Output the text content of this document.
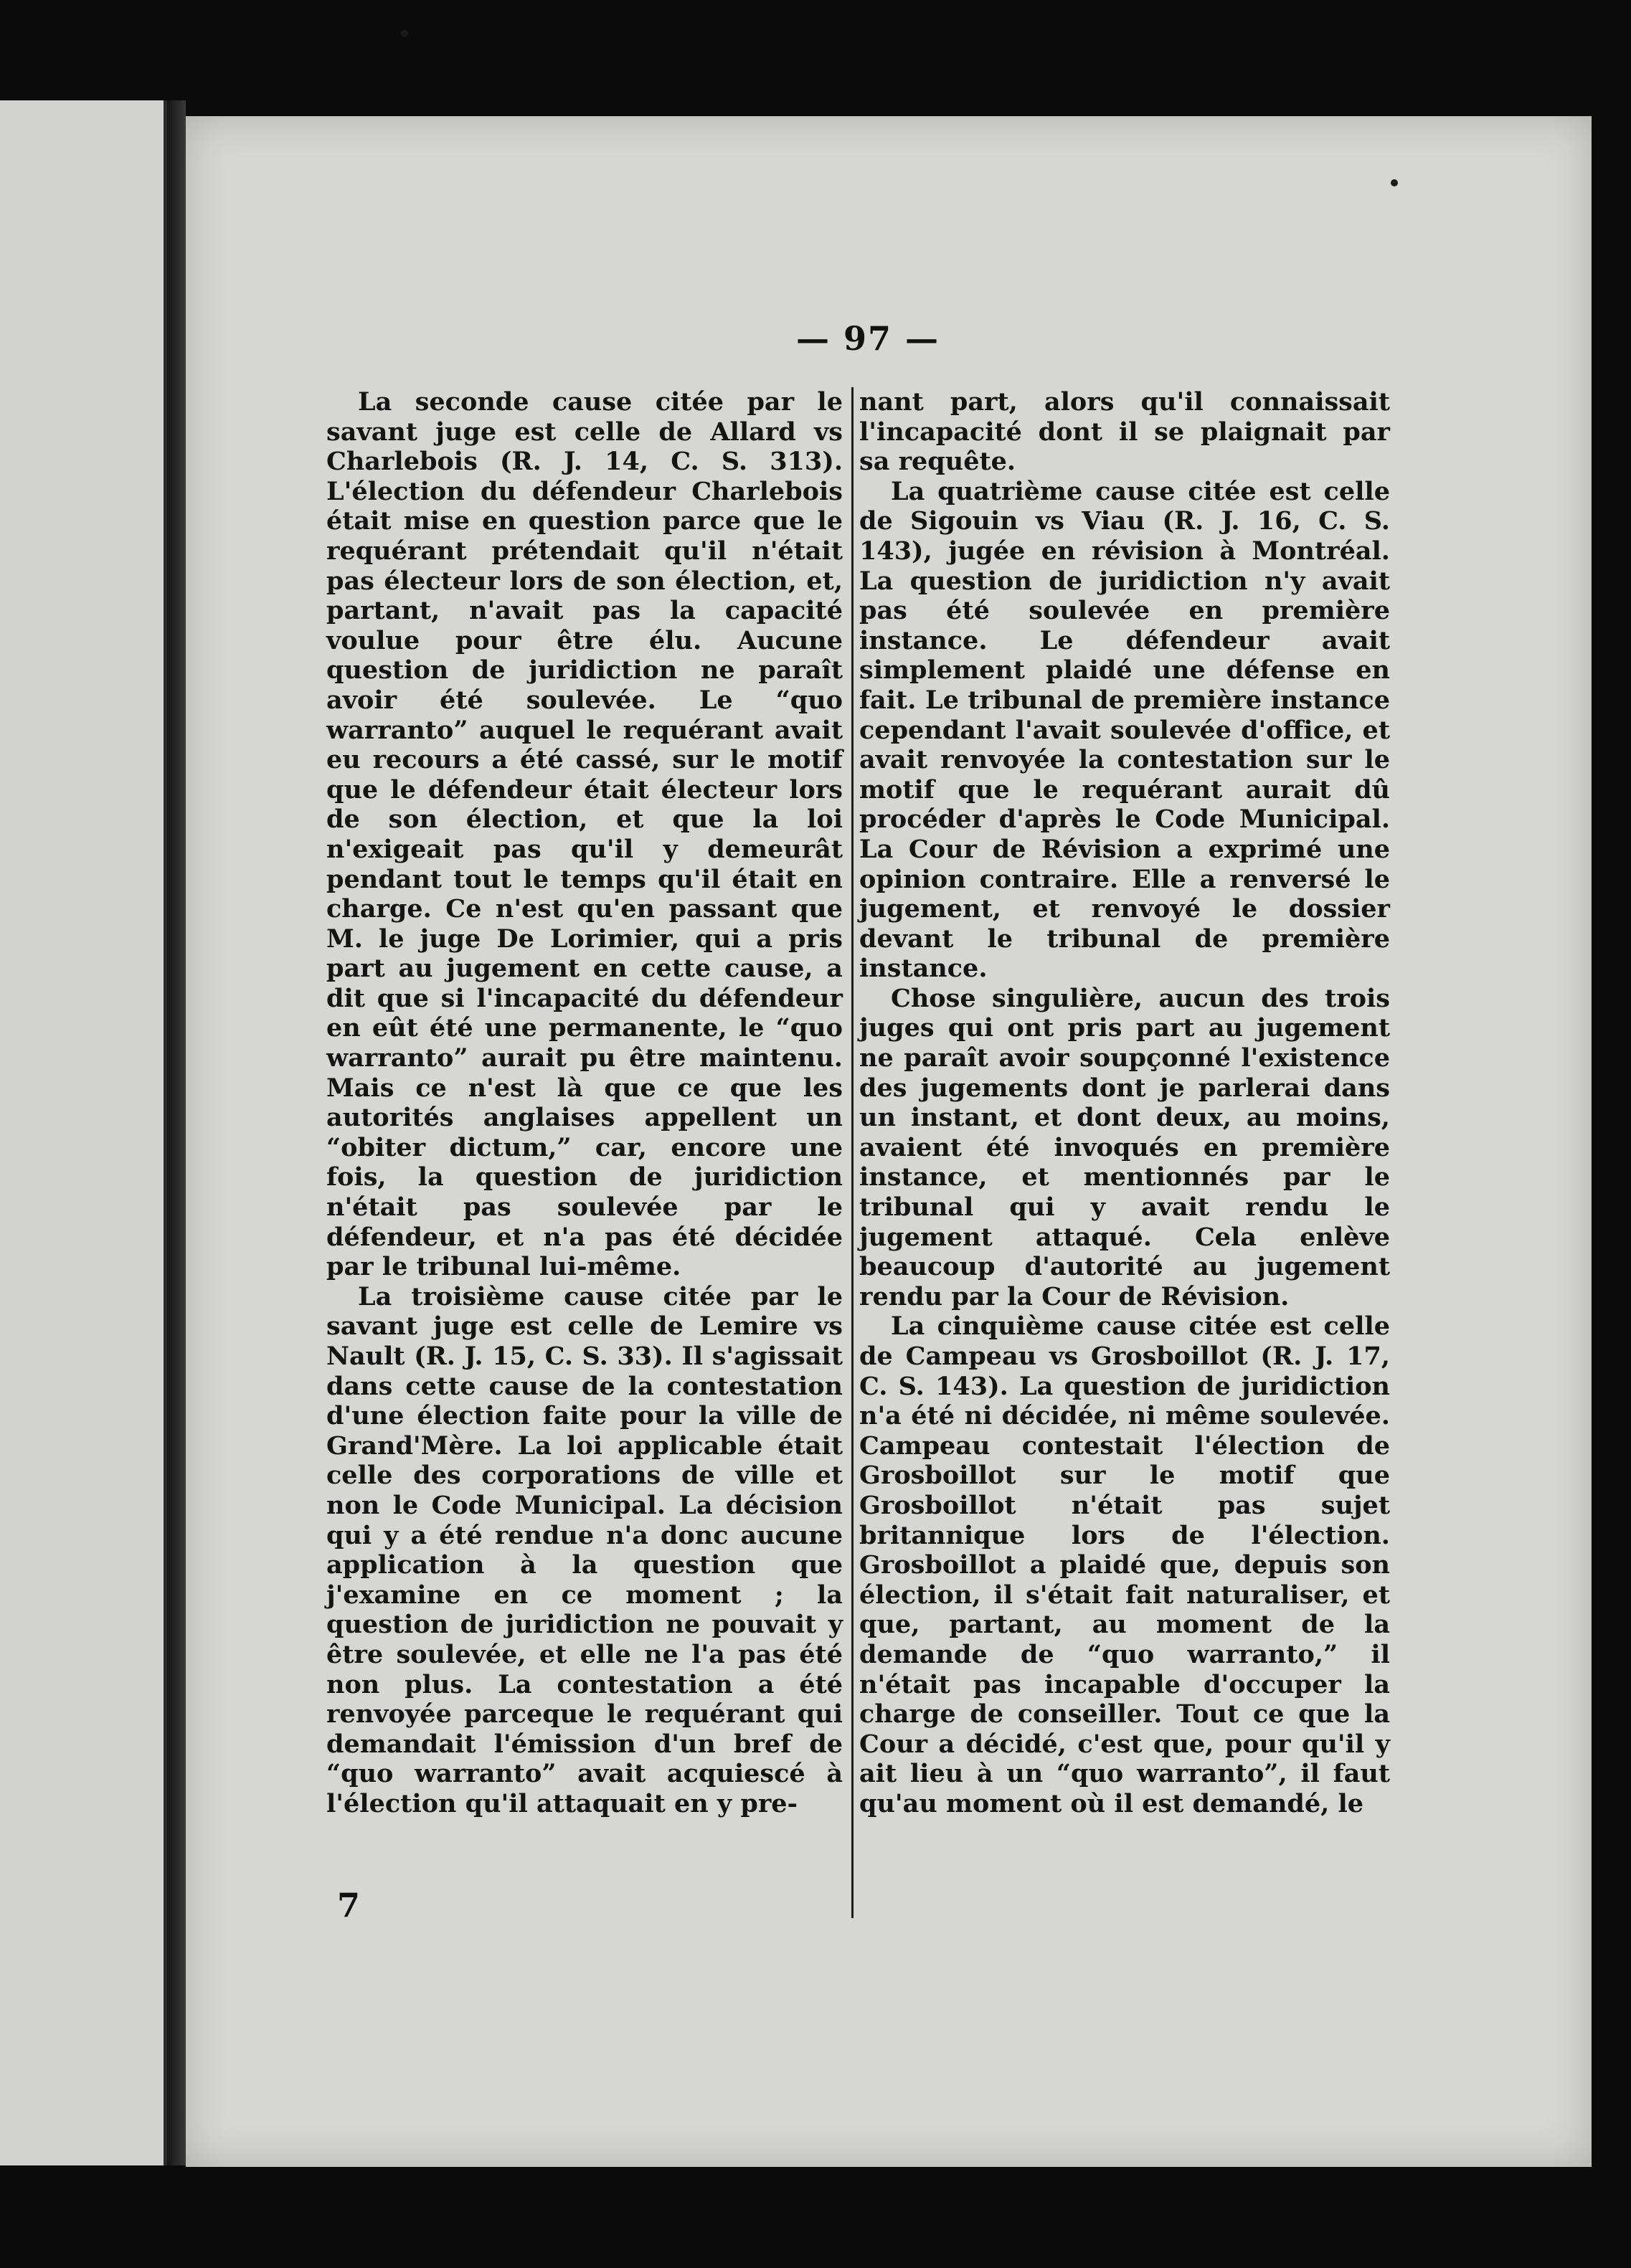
— 97 —

La seconde cause citée par le savant juge est celle de Allard vs Charlebois (R. J. 14, C. S. 313). L'élection du défendeur Charlebois était mise en question parce que le requérant prétendait qu'il n'était pas électeur lors de son élection, et, partant, n'avait pas la capacité voulue pour être élu. Aucune question de juridiction ne paraît avoir été soulevée. Le “quo warranto” auquel le requérant avait eu recours a été cassé, sur le motif que le défendeur était électeur lors de son élection, et que la loi n'exigeait pas qu'il y demeurât pendant tout le temps qu'il était en charge. Ce n'est qu'en passant que M. le juge De Lorimier, qui a pris part au jugement en cette cause, a dit que si l'incapacité du défendeur en eût été une permanente, le “quo warranto” aurait pu être maintenu. Mais ce n'est là que ce que les autorités anglaises appellent un “obiter dictum,” car, encore une fois, la question de juridiction n'était pas soulevée par le défendeur, et n'a pas été décidée par le tribunal lui-même.

La troisième cause citée par le savant juge est celle de Lemire vs Nault (R. J. 15, C. S. 33). Il s'agissait dans cette cause de la contestation d'une élection faite pour la ville de Grand'Mère. La loi applicable était celle des corporations de ville et non le Code Municipal. La décision qui y a été rendue n'a donc aucune application à la question que j'examine en ce moment ; la question de juridiction ne pouvait y être soulevée, et elle ne l'a pas été non plus. La contestation a été renvoyée parceque le requérant qui demandait l'émission d'un bref de “quo warranto” avait acquiescé à l'élection qu'il attaquait en y pre-

nant part, alors qu'il connaissait l'incapacité dont il se plaignait par sa requête.

La quatrième cause citée est celle de Sigouin vs Viau (R. J. 16, C. S. 143), jugée en révision à Montréal. La question de juridiction n'y avait pas été soulevée en première instance. Le défendeur avait simplement plaidé une défense en fait. Le tribunal de première instance cependant l'avait soulevée d'office, et avait renvoyée la contestation sur le motif que le requérant aurait dû procéder d'après le Code Municipal. La Cour de Révision a exprimé une opinion contraire. Elle a renversé le jugement, et renvoyé le dossier devant le tribunal de première instance.

Chose singulière, aucun des trois juges qui ont pris part au jugement ne paraît avoir soupçonné l'existence des jugements dont je parlerai dans un instant, et dont deux, au moins, avaient été invoqués en première instance, et mentionnés par le tribunal qui y avait rendu le jugement attaqué. Cela enlève beaucoup d'autorité au jugement rendu par la Cour de Révision.

La cinquième cause citée est celle de Campeau vs Grosboillot (R. J. 17, C. S. 143). La question de juridiction n'a été ni décidée, ni même soulevée. Campeau contestait l'élection de Grosboillot sur le motif que Grosboillot n'était pas sujet britannique lors de l'élection. Grosboillot a plaidé que, depuis son élection, il s'était fait naturaliser, et que, partant, au moment de la demande de “quo warranto,” il n'était pas incapable d'occuper la charge de conseiller. Tout ce que la Cour a décidé, c'est que, pour qu'il y ait lieu à un “quo warranto”, il faut qu'au moment où il est demandé, le

7
